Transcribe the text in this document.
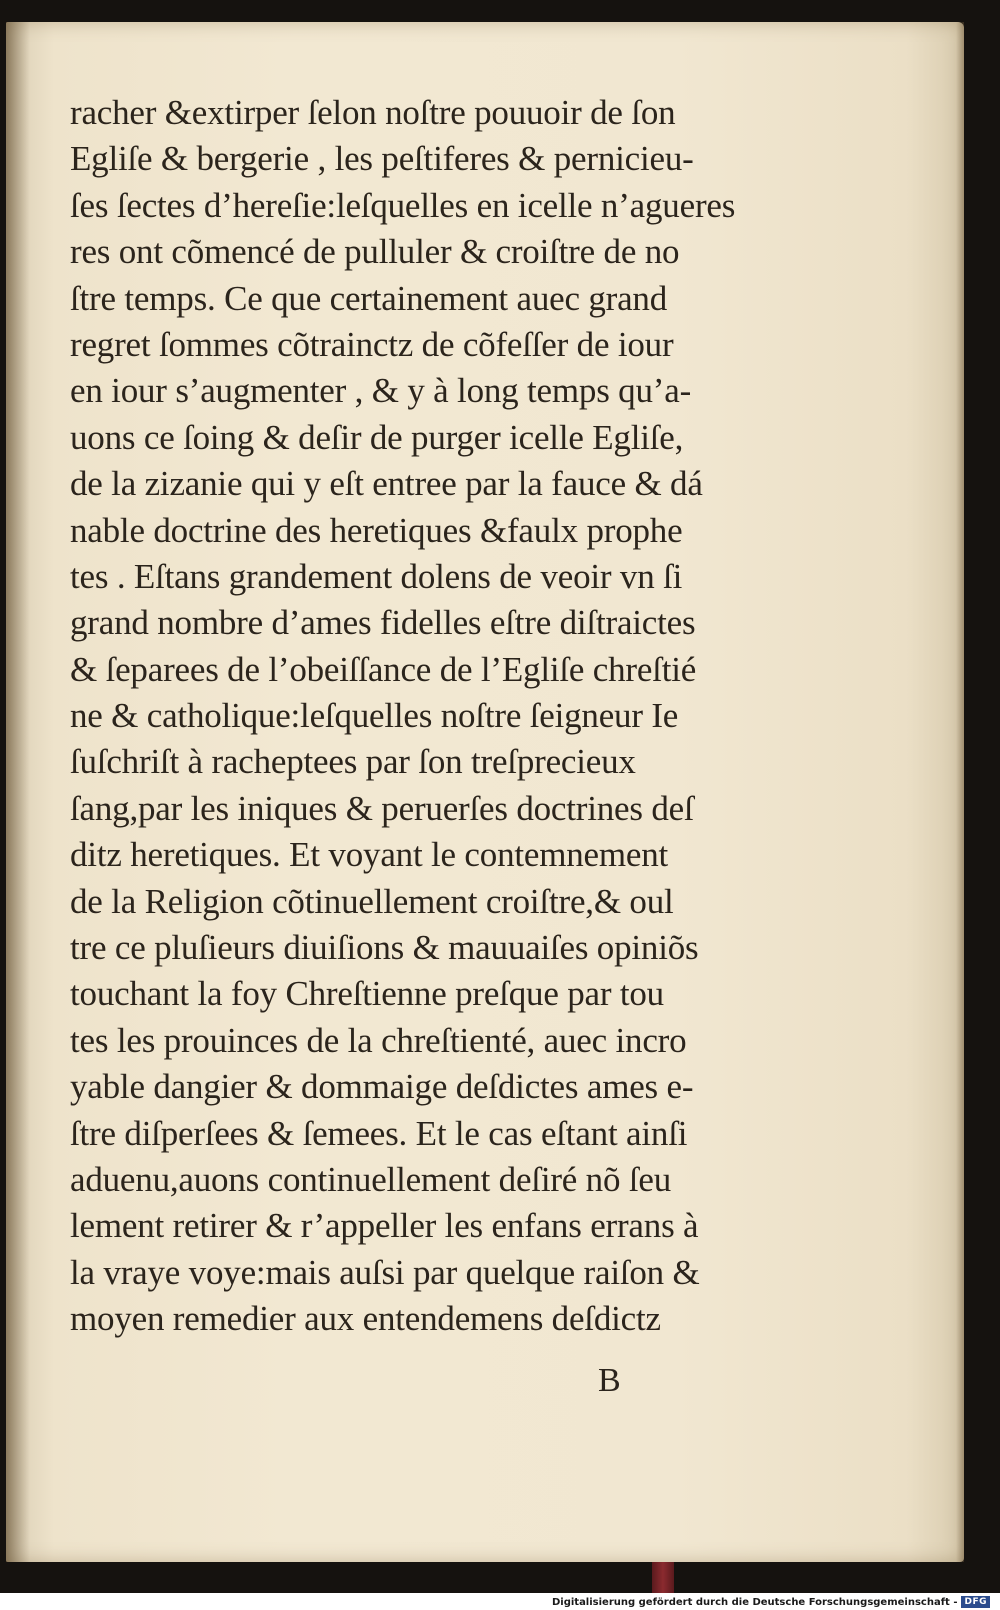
racher &extirper ſelon noſtre pouuoir de ſon
Egliſe & bergerie , les peſtiferes & pernicieu-
ſes ſectes d’hereſie:leſquelles en icelle n’agueres
res ont cõmencé de pulluler & croiſtre de no
ſtre temps. Ce que certainement auec grand
regret ſommes cõtrainctz de cõfeſſer de iour
en iour s’augmenter , & y à long temps qu’a-
uons ce ſoing & deſir de purger icelle Egliſe,
de la zizanie qui y eſt entree par la fauce & dá
nable doctrine des heretiques &faulx prophe
tes . Eſtans grandement dolens de veoir vn ſi
grand nombre d’ames fidelles eſtre diſtraictes
& ſeparees de l’obeiſſance de l’Egliſe chreſtié
ne & catholique:leſquelles noſtre ſeigneur Ie
ſuſchriſt à racheptees par ſon treſprecieux
ſang,par les iniques & peruerſes doctrines deſ
ditz heretiques. Et voyant le contemnement
de la Religion cõtinuellement croiſtre,& oul
tre ce pluſieurs diuiſions & mauuaiſes opiniõs
touchant la foy Chreſtienne preſque par tou
tes les prouinces de la chreſtienté, auec incro
yable dangier & dommaige deſdictes ames e-
ſtre diſperſees & ſemees. Et le cas eſtant ainſi
aduenu,auons continuellement deſiré nõ ſeu
lement retirer & r’appeller les enfans errans à
la vraye voye:mais auſsi par quelque raiſon &
moyen remedier aux entendemens deſdictz
B
Digitalisierung gefördert durch die Deutsche Forschungsgemeinschaft - DFG
